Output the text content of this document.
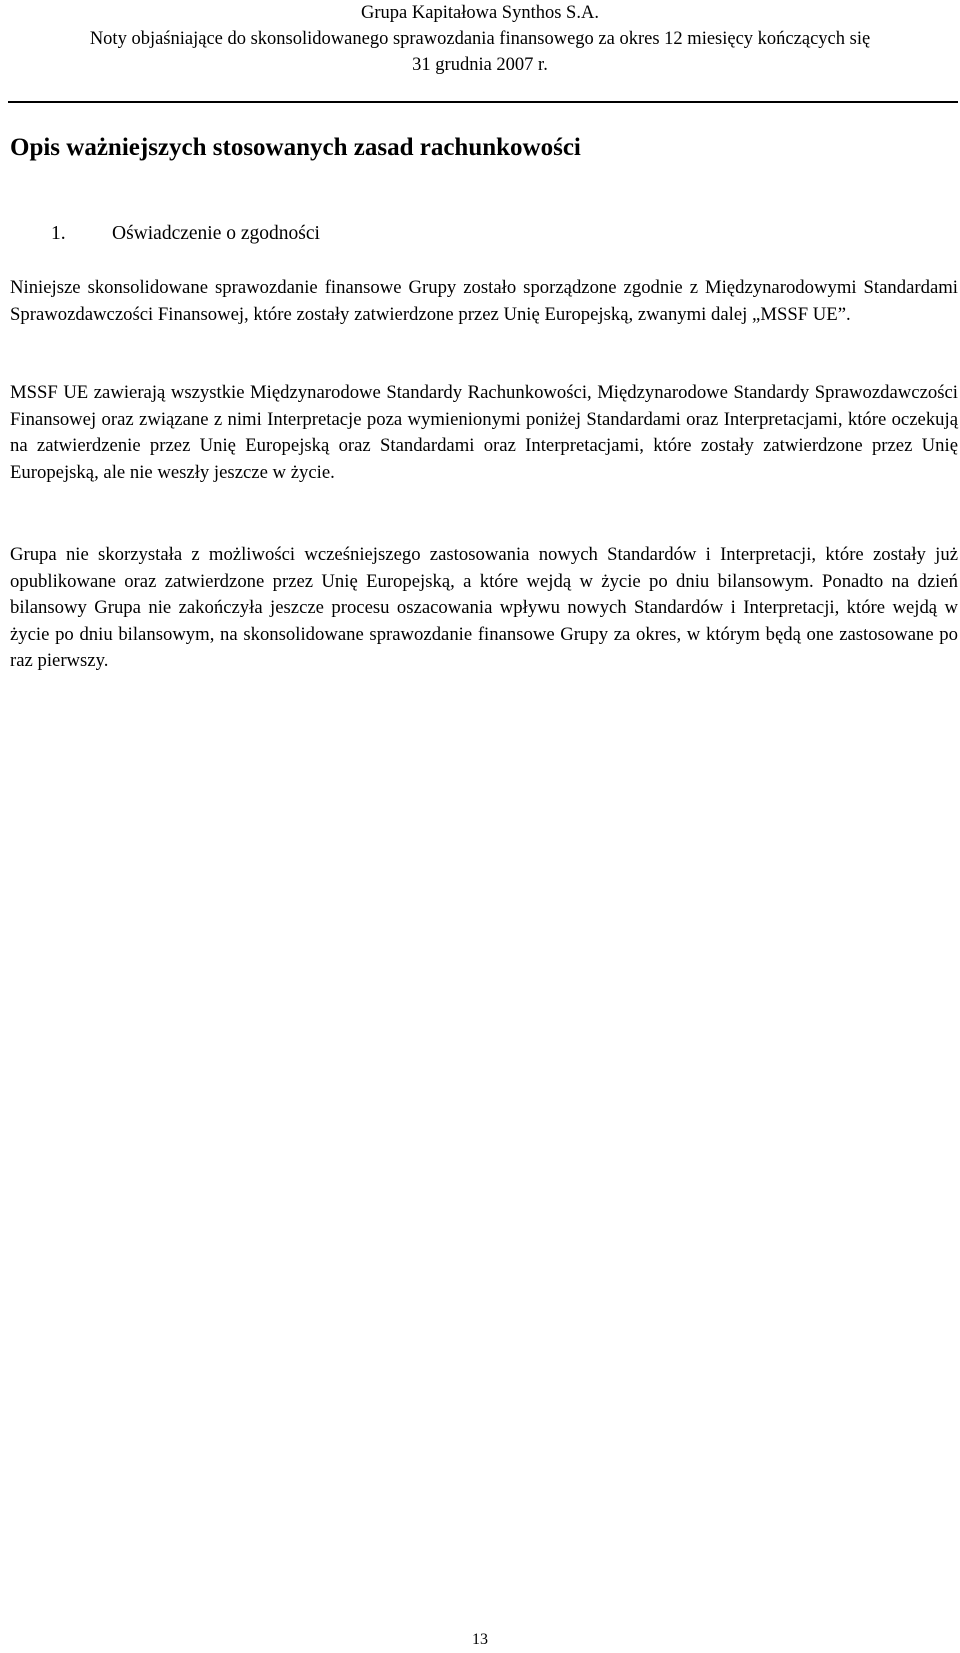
Grupa Kapitałowa Synthos S.A.
Noty objaśniające do skonsolidowanego sprawozdania finansowego za okres 12 miesięcy kończących się
31 grudnia 2007 r.
Opis ważniejszych stosowanych zasad rachunkowości
1. Oświadczenie o zgodności

Niniejsze skonsolidowane sprawozdanie finansowe Grupy zostało sporządzone zgodnie z Międzynarodowymi Standardami Sprawozdawczości Finansowej, które zostały zatwierdzone przez Unię Europejską, zwanymi dalej „MSSF UE”.

MSSF UE zawierają wszystkie Międzynarodowe Standardy Rachunkowości, Międzynarodowe Standardy Sprawozdawczości Finansowej oraz związane z nimi Interpretacje poza wymienionymi poniżej Standardami oraz Interpretacjami, które oczekują na zatwierdzenie przez Unię Europejską oraz Standardami oraz Interpretacjami, które zostały zatwierdzone przez Unię Europejską, ale nie weszły jeszcze w życie.

Grupa nie skorzystała z możliwości wcześniejszego zastosowania nowych Standardów i Interpretacji, które zostały już opublikowane oraz zatwierdzone przez Unię Europejską, a które wejdą w życie po dniu bilansowym. Ponadto na dzień bilansowy Grupa nie zakończyła jeszcze procesu oszacowania wpływu nowych Standardów i Interpretacji, które wejdą w życie po dniu bilansowym, na skonsolidowane sprawozdanie finansowe Grupy za okres, w którym będą one zastosowane po raz pierwszy.

13
